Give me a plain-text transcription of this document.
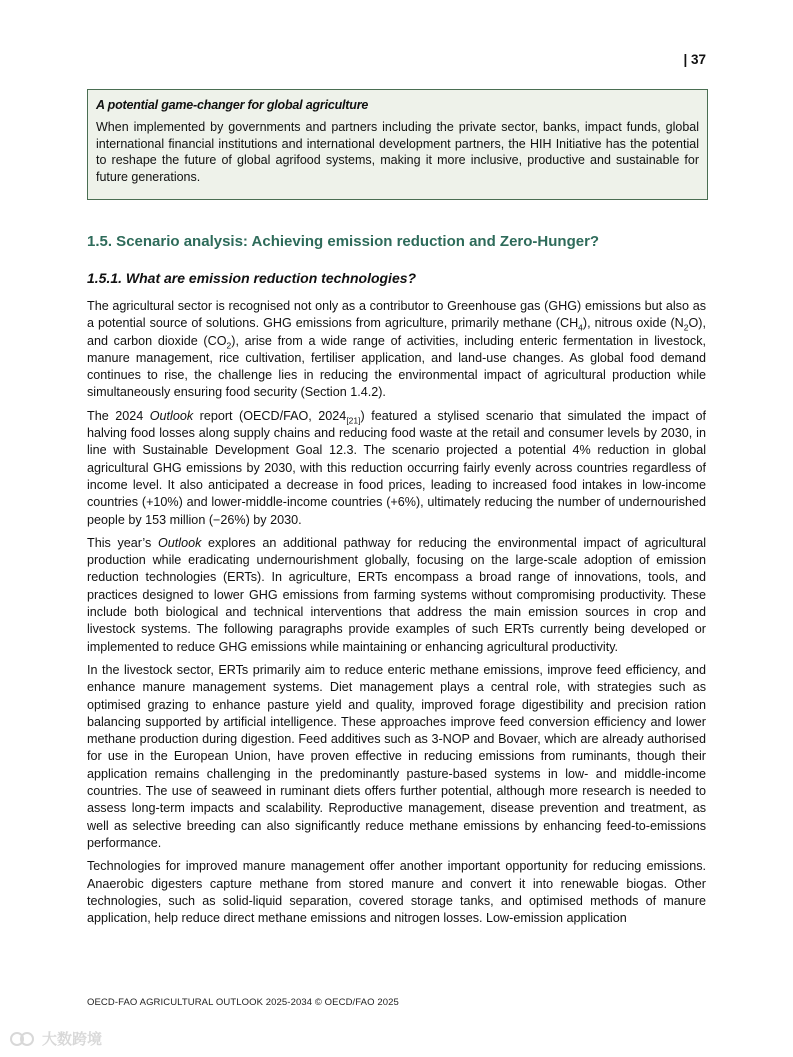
| 37

A potential game-changer for global agriculture

When implemented by governments and partners including the private sector, banks, impact funds, global international financial institutions and international development partners, the HIH Initiative has the potential to reshape the future of global agrifood systems, making it more inclusive, productive and sustainable for future generations.

1.5. Scenario analysis: Achieving emission reduction and Zero-Hunger?
1.5.1. What are emission reduction technologies?

The agricultural sector is recognised not only as a contributor to Greenhouse gas (GHG) emissions but also as a potential source of solutions. GHG emissions from agriculture, primarily methane $(CH_4)$, nitrous oxide $(N_2O)$, and carbon dioxide $(CO_2)$, arise from a wide range of activities, including enteric fermentation in livestock, manure management, rice cultivation, fertiliser application, and land-use changes. As global food demand continues to rise, the challenge lies in reducing the environmental impact of agricultural production while simultaneously ensuring food security (Section 1.4.2).

The 2024 Outlook report (OECD/FAO, $2024_{[21]}$) featured a stylised scenario that simulated the impact of halving food losses along supply chains and reducing food waste at the retail and consumer levels by 2030, in line with Sustainable Development Goal 12.3. The scenario projected a potential 4% reduction in global agricultural GHG emissions by 2030, with this reduction occurring fairly evenly across countries regardless of income level. It also anticipated a decrease in food prices, leading to increased food intakes in low-income countries (+10%) and lower-middle-income countries (+6%), ultimately reducing the number of undernourished people by 153 million (−26%) by 2030.

This year’s Outlook explores an additional pathway for reducing the environmental impact of agricultural production while eradicating undernourishment globally, focusing on the large-scale adoption of emission reduction technologies (ERTs). In agriculture, ERTs encompass a broad range of innovations, tools, and practices designed to lower GHG emissions from farming systems without compromising productivity. These include both biological and technical interventions that address the main emission sources in crop and livestock systems. The following paragraphs provide examples of such ERTs currently being developed or implemented to reduce GHG emissions while maintaining or enhancing agricultural productivity.

In the livestock sector, ERTs primarily aim to reduce enteric methane emissions, improve feed efficiency, and enhance manure management systems. Diet management plays a central role, with strategies such as optimised grazing to enhance pasture yield and quality, improved forage digestibility and precision ration balancing supported by artificial intelligence. These approaches improve feed conversion efficiency and lower methane production during digestion. Feed additives such as 3-NOP and Bovaer, which are already authorised for use in the European Union, have proven effective in reducing emissions from ruminants, though their application remains challenging in the predominantly pasture-based systems in low- and middle-income countries. The use of seaweed in ruminant diets offers further potential, although more research is needed to assess long-term impacts and scalability. Reproductive management, disease prevention and treatment, as well as selective breeding can also significantly reduce methane emissions by enhancing feed-to-emissions performance.

Technologies for improved manure management offer another important opportunity for reducing emissions. Anaerobic digesters capture methane from stored manure and convert it into renewable biogas. Other technologies, such as solid-liquid separation, covered storage tanks, and optimised methods of manure application, help reduce direct methane emissions and nitrogen losses. Low-emission application

OECD-FAO AGRICULTURAL OUTLOOK 2025-2034 © OECD/FAO 2025
大数跨境
